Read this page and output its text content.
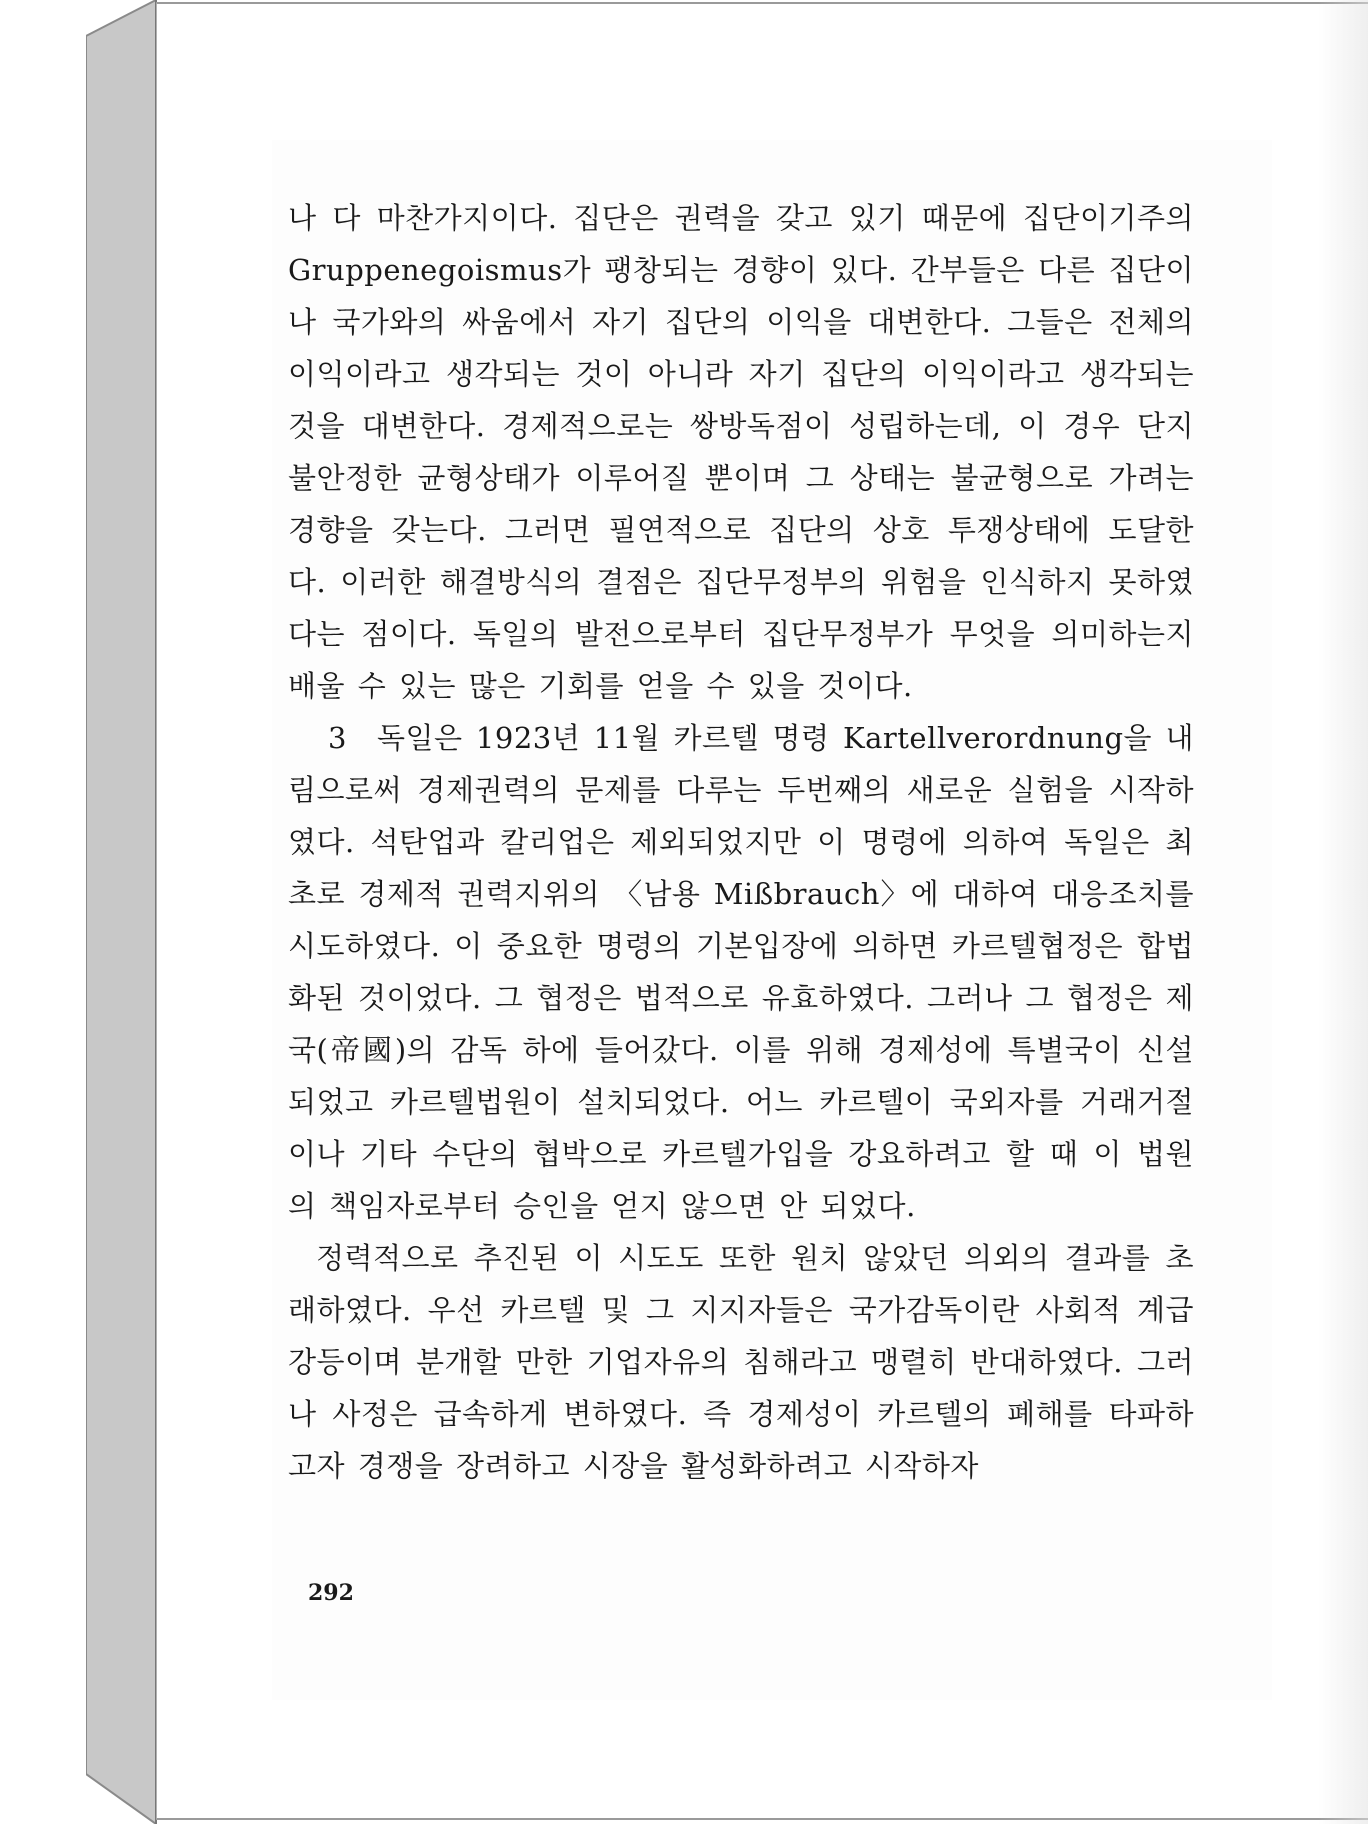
나 다 마찬가지이다. 집단은 권력을 갖고 있기 때문에 집단이기주의 Gruppenegoismus가 팽창되는 경향이 있다. 간부들은 다른 집단이나 국가와의 싸움에서 자기 집단의 이익을 대변한다. 그들은 전체의 이익이라고 생각되는 것이 아니라 자기 집단의 이익이라고 생각되는 것을 대변한다. 경제적으로는 쌍방독점이 성립하는데, 이 경우 단지 불안정한 균형상태가 이루어질 뿐이며 그 상태는 불균형으로 가려는 경향을 갖는다. 그러면 필연적으로 집단의 상호 투쟁상태에 도달한다. 이러한 해결방식의 결점은 집단무정부의 위험을 인식하지 못하였다는 점이다. 독일의 발전으로부터 집단무정부가 무엇을 의미하는지 배울 수 있는 많은 기회를 얻을 수 있을 것이다.

3 독일은 1923년 11월 카르텔 명령 Kartellverordnung을 내림으로써 경제권력의 문제를 다루는 두번째의 새로운 실험을 시작하였다. 석탄업과 칼리업은 제외되었지만 이 명령에 의하여 독일은 최초로 경제적 권력지위의 〈남용 Mißbrauch〉에 대하여 대응조치를 시도하였다. 이 중요한 명령의 기본입장에 의하면 카르텔협정은 합법화된 것이었다. 그 협정은 법적으로 유효하였다. 그러나 그 협정은 제국(帝國)의 감독 하에 들어갔다. 이를 위해 경제성에 특별국이 신설되었고 카르텔법원이 설치되었다. 어느 카르텔이 국외자를 거래거절이나 기타 수단의 협박으로 카르텔가입을 강요하려고 할 때 이 법원의 책임자로부터 승인을 얻지 않으면 안 되었다.

정력적으로 추진된 이 시도도 또한 원치 않았던 의외의 결과를 초래하였다. 우선 카르텔 및 그 지지자들은 국가감독이란 사회적 계급강등이며 분개할 만한 기업자유의 침해라고 맹렬히 반대하였다. 그러나 사정은 급속하게 변하였다. 즉 경제성이 카르텔의 폐해를 타파하고자 경쟁을 장려하고 시장을 활성화하려고 시작하자

292
